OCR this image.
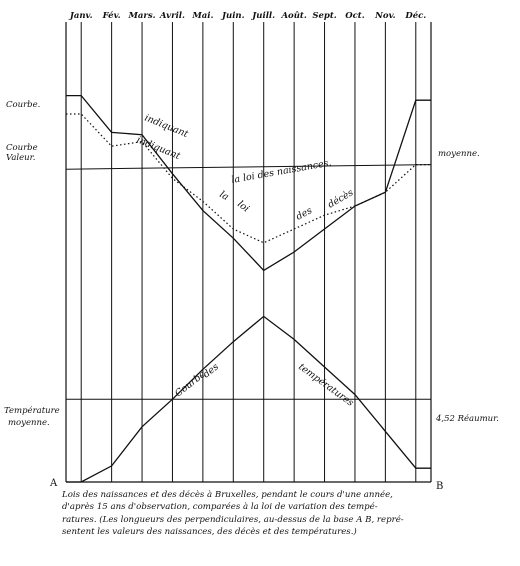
Janv. Fév. Mars. Avril. Mai. Juin. Juill. Août. Sept. Oct. Nov. Déc.
Courbe.
Courbe
Valeur.
Température
moyenne.
moyenne.
4,52 Réaumur.
A	B
indiquant
indiquant
la loi des naissances.
la
loi	des
décès.
Courbe
des	températures
Lois des naissances et des décès à Bruxelles, pendant le cours d'une année,
d'après 15 ans d'observation, comparées à la loi de variation des tempé-
ratures. (Les longueurs des perpendiculaires, au-dessus de la base A B, repré-
sentent les valeurs des naissances, des décès et des températures.)
